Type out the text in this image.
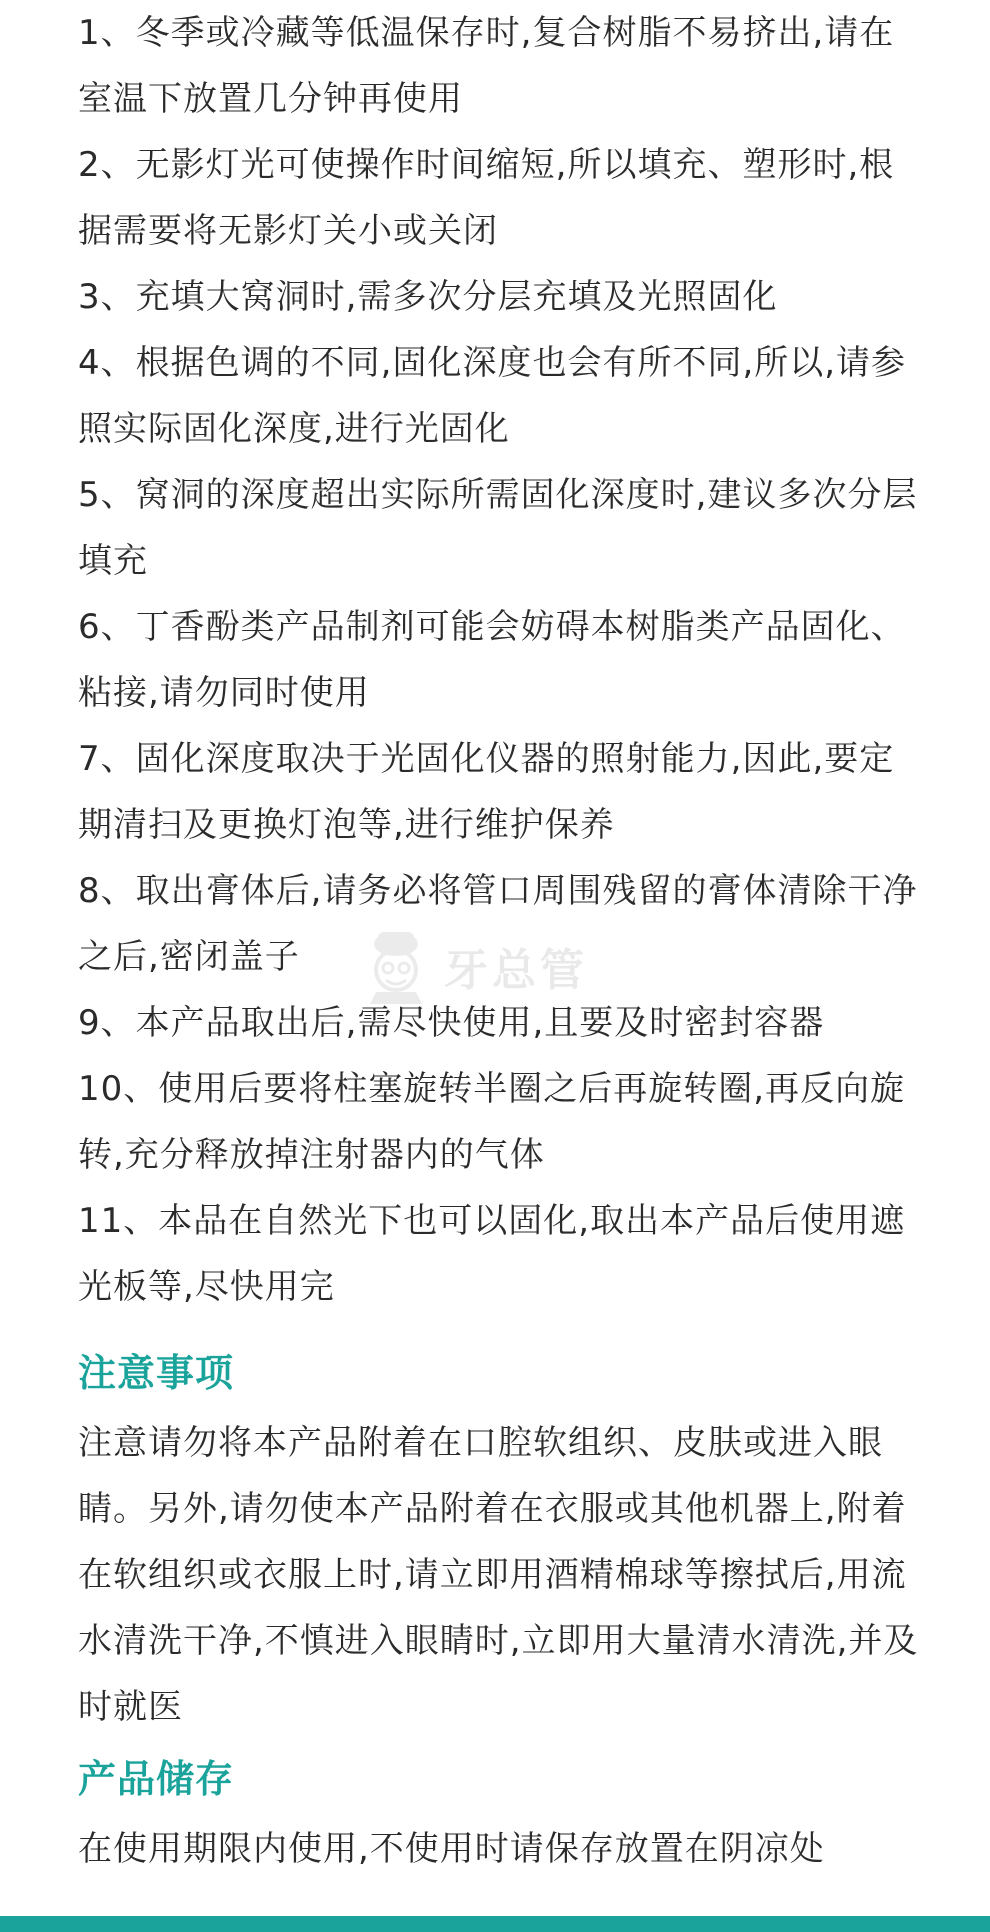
1、冬季或冷藏等低温保存时,复合树脂不易挤出,请在室温下放置几分钟再使用

2、无影灯光可使操作时间缩短,所以填充、塑形时,根据需要将无影灯关小或关闭

3、充填大窝洞时,需多次分层充填及光照固化

4、根据色调的不同,固化深度也会有所不同,所以,请参照实际固化深度,进行光固化

5、窝洞的深度超出实际所需固化深度时,建议多次分层填充

6、丁香酚类产品制剂可能会妨碍本树脂类产品固化、粘接,请勿同时使用

7、固化深度取决于光固化仪器的照射能力,因此,要定期清扫及更换灯泡等,进行维护保养

8、取出膏体后,请务必将管口周围残留的膏体清除干净之后,密闭盖子

9、本产品取出后,需尽快使用,且要及时密封容器

10、使用后要将柱塞旋转半圈之后再旋转圈,再反向旋转,充分释放掉注射器内的气体

11、本品在自然光下也可以固化,取出本产品后使用遮光板等,尽快用完

注意事项

注意请勿将本产品附着在口腔软组织、皮肤或进入眼睛。另外,请勿使本产品附着在衣服或其他机器上,附着在软组织或衣服上时,请立即用酒精棉球等擦拭后,用流水清洗干净,不慎进入眼睛时,立即用大量清水清洗,并及时就医

产品储存

在使用期限内使用,不使用时请保存放置在阴凉处

牙总管
